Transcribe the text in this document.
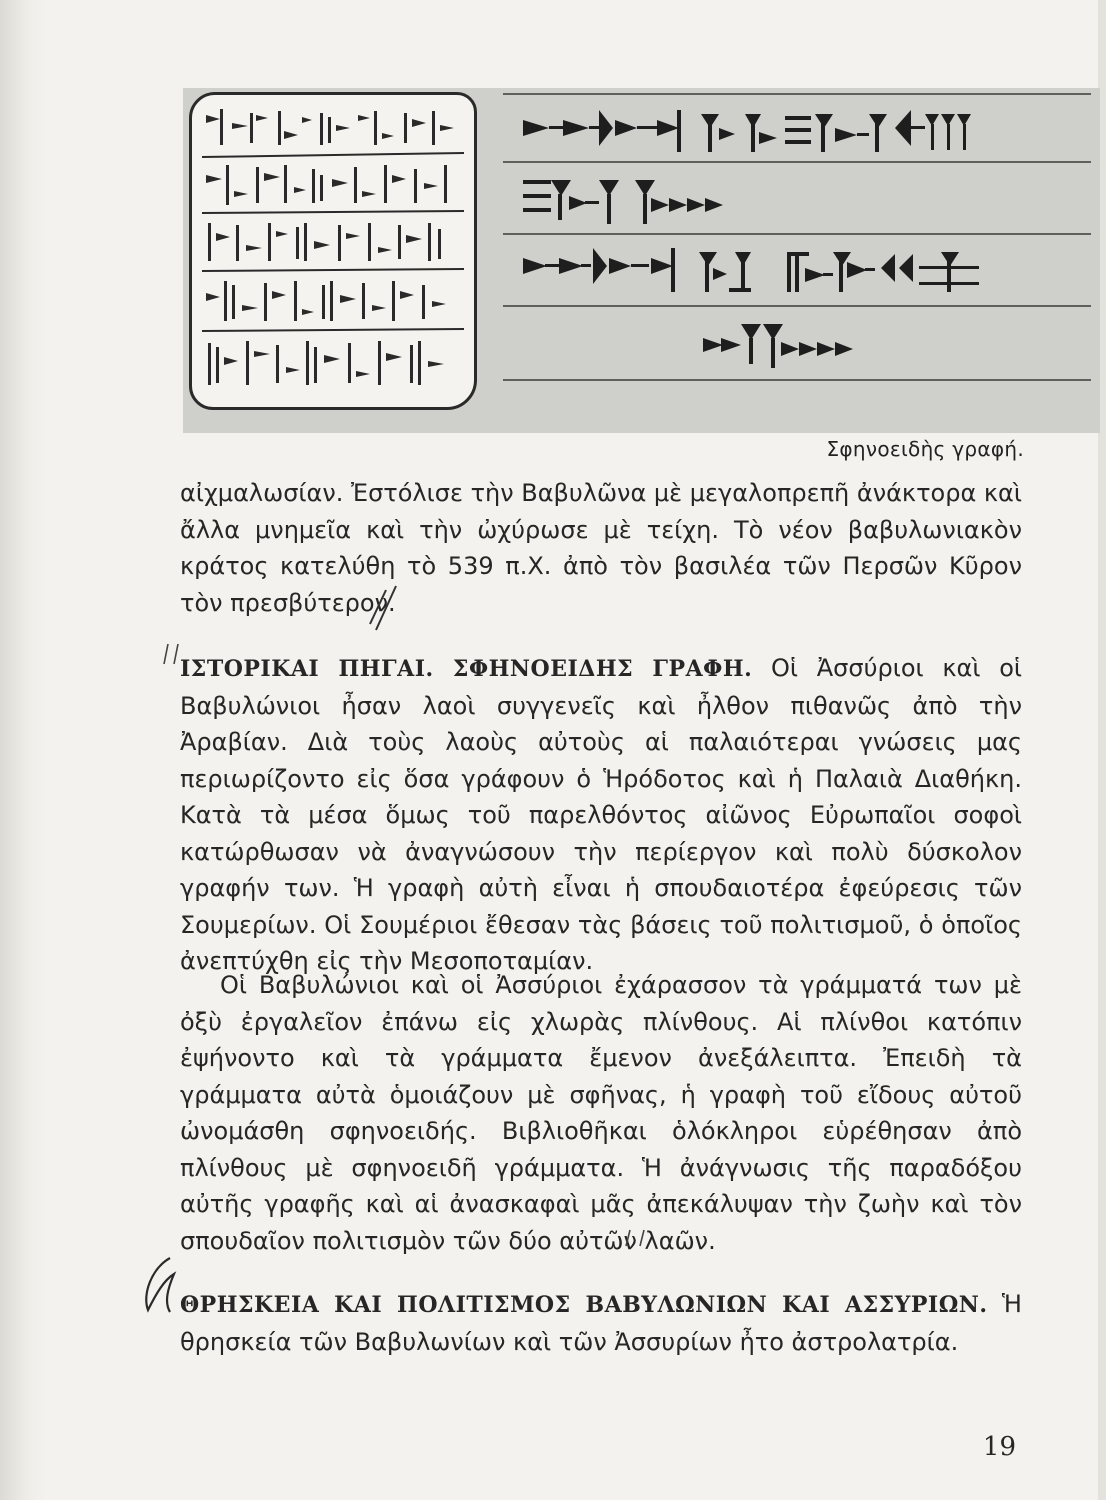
Σφηνοειδὴς γραφή.

αἰχμαλωσίαν. Ἐστόλισε τὴν Βαβυλῶνα μὲ μεγαλοπρεπῆ ἀνάκτορα καὶ ἄλλα μνημεῖα καὶ τὴν ὠχύρωσε μὲ τείχη. Τὸ νέον βαβυλωνιακὸν κράτος κατελύθη τὸ 539 π.Χ. ἀπὸ τὸν βασιλέα τῶν Περσῶν Κῦρον τὸν πρεσβύτερον.

ΙΣΤΟΡΙΚΑΙ ΠΗΓΑΙ. ΣΦΗΝΟΕΙΔΗΣ ΓΡΑΦΗ. Οἱ Ἀσσύριοι καὶ οἱ Βαβυλώνιοι ἦσαν λαοὶ συγγενεῖς καὶ ἦλθον πιθανῶς ἀπὸ τὴν Ἀραβίαν. Διὰ τοὺς λαοὺς αὐτοὺς αἱ παλαιότεραι γνώσεις μας περιωρίζοντο εἰς ὅσα γράφουν ὁ Ἡρόδοτος καὶ ἡ Παλαιὰ Διαθήκη. Κατὰ τὰ μέσα ὅμως τοῦ παρελθόντος αἰῶνος Εὐρωπαῖοι σοφοὶ κατώρθωσαν νὰ ἀναγνώσουν τὴν περίεργον καὶ πολὺ δύσκολον γραφήν των. Ἡ γραφὴ αὐτὴ εἶναι ἡ σπουδαιοτέρα ἐφεύρεσις τῶν Σουμερίων. Οἱ Σουμέριοι ἔθεσαν τὰς βάσεις τοῦ πολιτισμοῦ, ὁ ὁποῖος ἀνεπτύχθη εἰς τὴν Μεσοποταμίαν.

Οἱ Βαβυλώνιοι καὶ οἱ Ἀσσύριοι ἐχάρασσον τὰ γράμματά των μὲ ὀξὺ ἐργαλεῖον ἐπάνω εἰς χλωρὰς πλίνθους. Αἱ πλίνθοι κατόπιν ἐψήνοντο καὶ τὰ γράμματα ἔμενον ἀνεξάλειπτα. Ἐπειδὴ τὰ γράμματα αὐτὰ ὁμοιάζουν μὲ σφῆνας, ἡ γραφὴ τοῦ εἴδους αὐτοῦ ὠνομάσθη σφηνοειδής. Βιβλιοθῆκαι ὁλόκληροι εὑρέθησαν ἀπὸ πλίνθους μὲ σφηνοειδῆ γράμματα. Ἡ ἀνάγνωσις τῆς παραδόξου αὐτῆς γραφῆς καὶ αἱ ἀνασκαφαὶ μᾶς ἀπεκάλυψαν τὴν ζωὴν καὶ τὸν σπουδαῖον πολιτισμὸν τῶν δύο αὐτῶν λαῶν.

ΘΡΗΣΚΕΙΑ ΚΑΙ ΠΟΛΙΤΙΣΜΟΣ ΒΑΒΥΛΩΝΙΩΝ ΚΑΙ ΑΣΣΥΡΙΩΝ. Ἡ θρησκεία τῶν Βαβυλωνίων καὶ τῶν Ἀσσυρίων ἦτο ἀστρολατρία.

19
